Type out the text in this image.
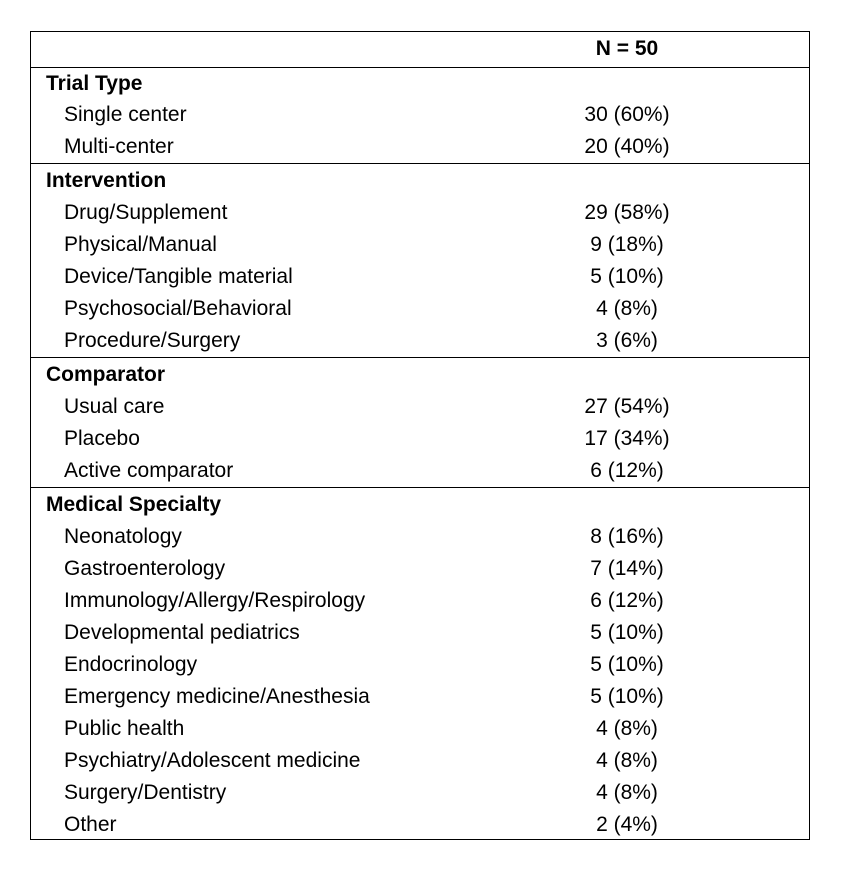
N = 50
Trial Type
Single center	30 (60%)
Multi-center	20 (40%)
Intervention
Drug/Supplement	29 (58%)
Physical/Manual	9 (18%)
Device/Tangible material	5 (10%)
Psychosocial/Behavioral	4 (8%)
Procedure/Surgery	3 (6%)
Comparator
Usual care	27 (54%)
Placebo	17 (34%)
Active comparator	6 (12%)
Medical Specialty
Neonatology	8 (16%)
Gastroenterology	7 (14%)
Immunology/Allergy/Respirology	6 (12%)
Developmental pediatrics	5 (10%)
Endocrinology	5 (10%)
Emergency medicine/Anesthesia	5 (10%)
Public health	4 (8%)
Psychiatry/Adolescent medicine	4 (8%)
Surgery/Dentistry	4 (8%)
Other	2 (4%)
